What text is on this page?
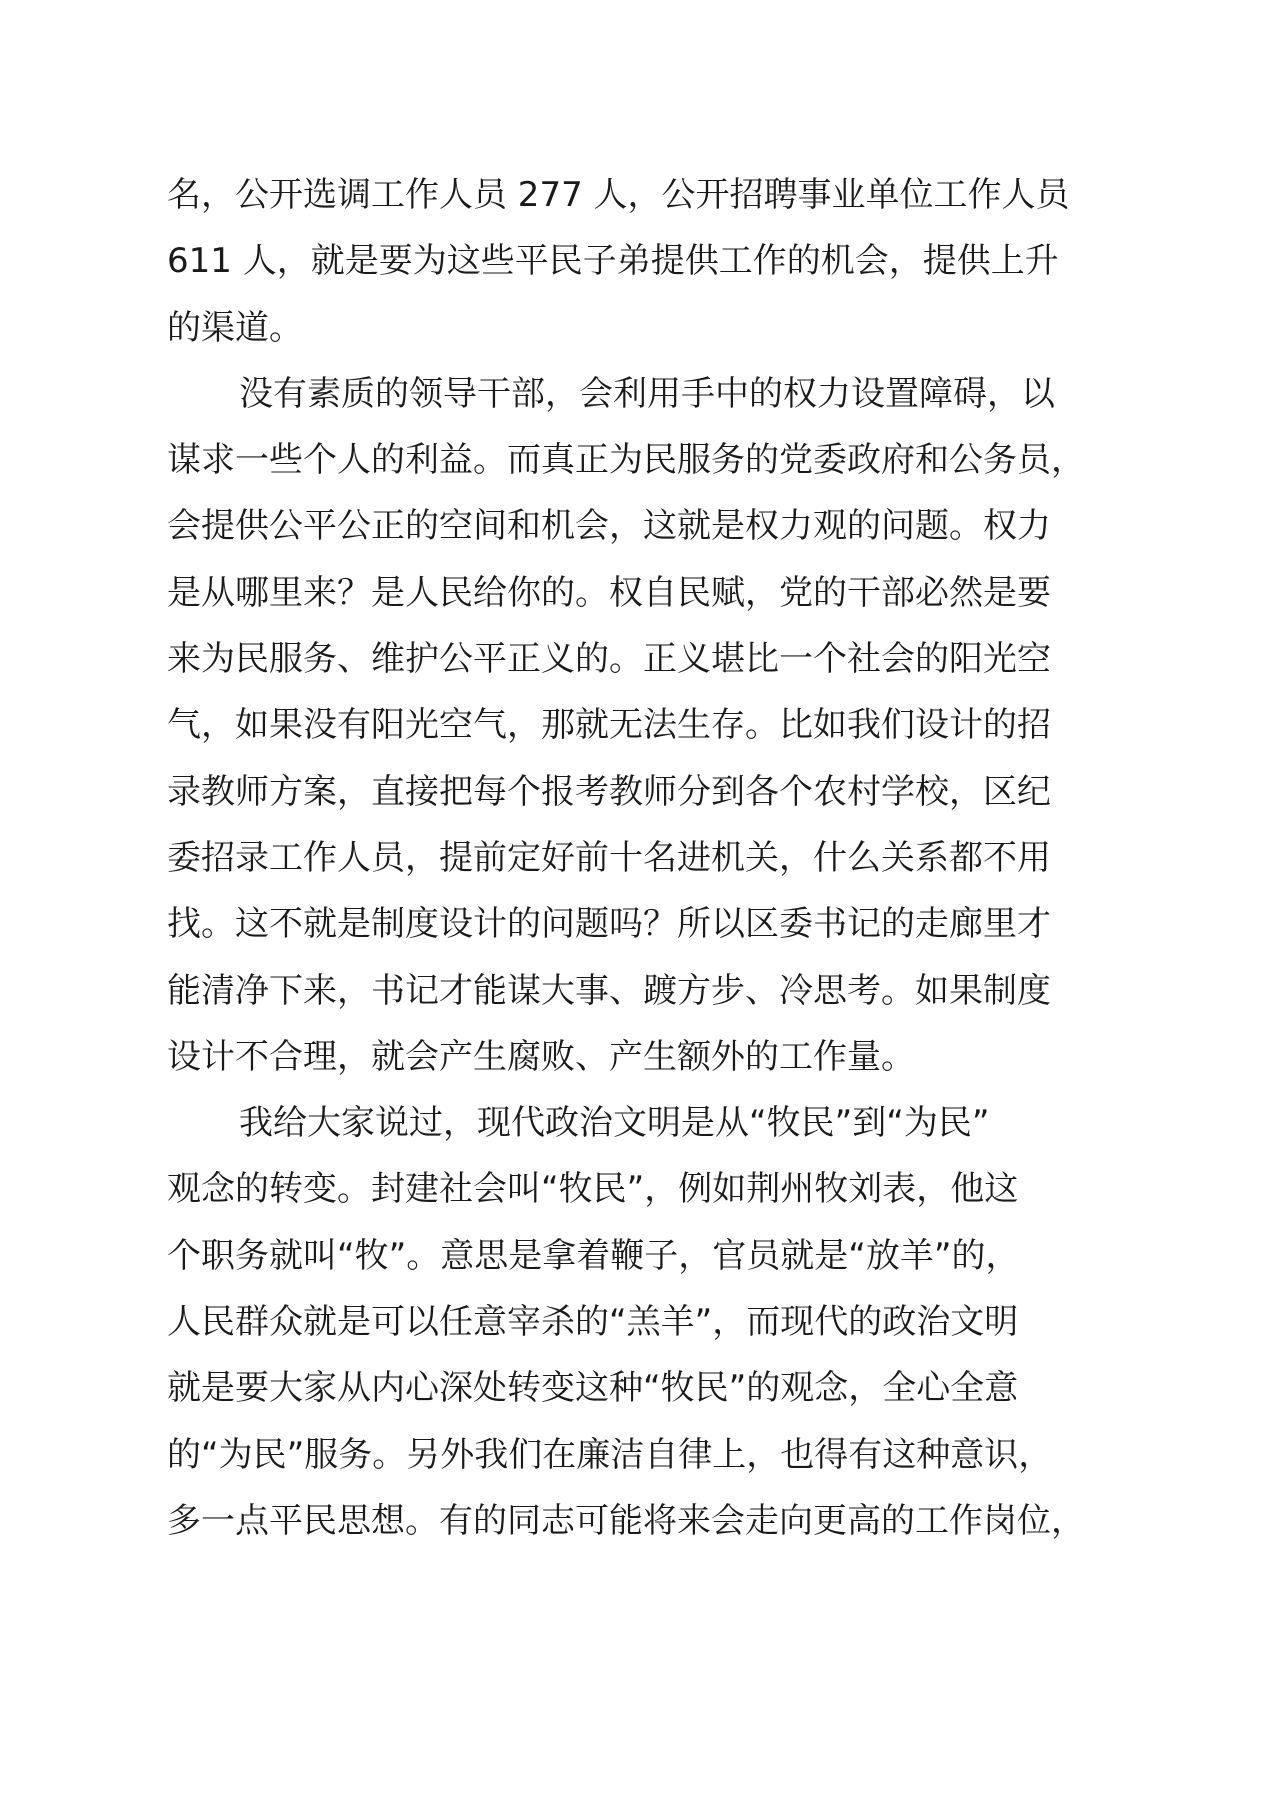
名，公开选调工作人员 277 人，公开招聘事业单位工作人员
611 人，就是要为这些平民子弟提供工作的机会，提供上升
的渠道。
没有素质的领导干部，会利用手中的权力设置障碍，以
谋求一些个人的利益。而真正为民服务的党委政府和公务员，
会提供公平公正的空间和机会，这就是权力观的问题。权力
是从哪里来？是人民给你的。权自民赋，党的干部必然是要
来为民服务、维护公平正义的。正义堪比一个社会的阳光空
气，如果没有阳光空气，那就无法生存。比如我们设计的招
录教师方案，直接把每个报考教师分到各个农村学校，区纪
委招录工作人员，提前定好前十名进机关，什么关系都不用
找。这不就是制度设计的问题吗？所以区委书记的走廊里才
能清净下来，书记才能谋大事、踱方步、冷思考。如果制度
设计不合理，就会产生腐败、产生额外的工作量。
我给大家说过，现代政治文明是从“牧民”到“为民”
观念的转变。封建社会叫“牧民”，例如荆州牧刘表，他这
个职务就叫“牧”。意思是拿着鞭子，官员就是“放羊”的，
人民群众就是可以任意宰杀的“羔羊”，而现代的政治文明
就是要大家从内心深处转变这种“牧民”的观念，全心全意
的“为民”服务。另外我们在廉洁自律上，也得有这种意识，
多一点平民思想。有的同志可能将来会走向更高的工作岗位，
